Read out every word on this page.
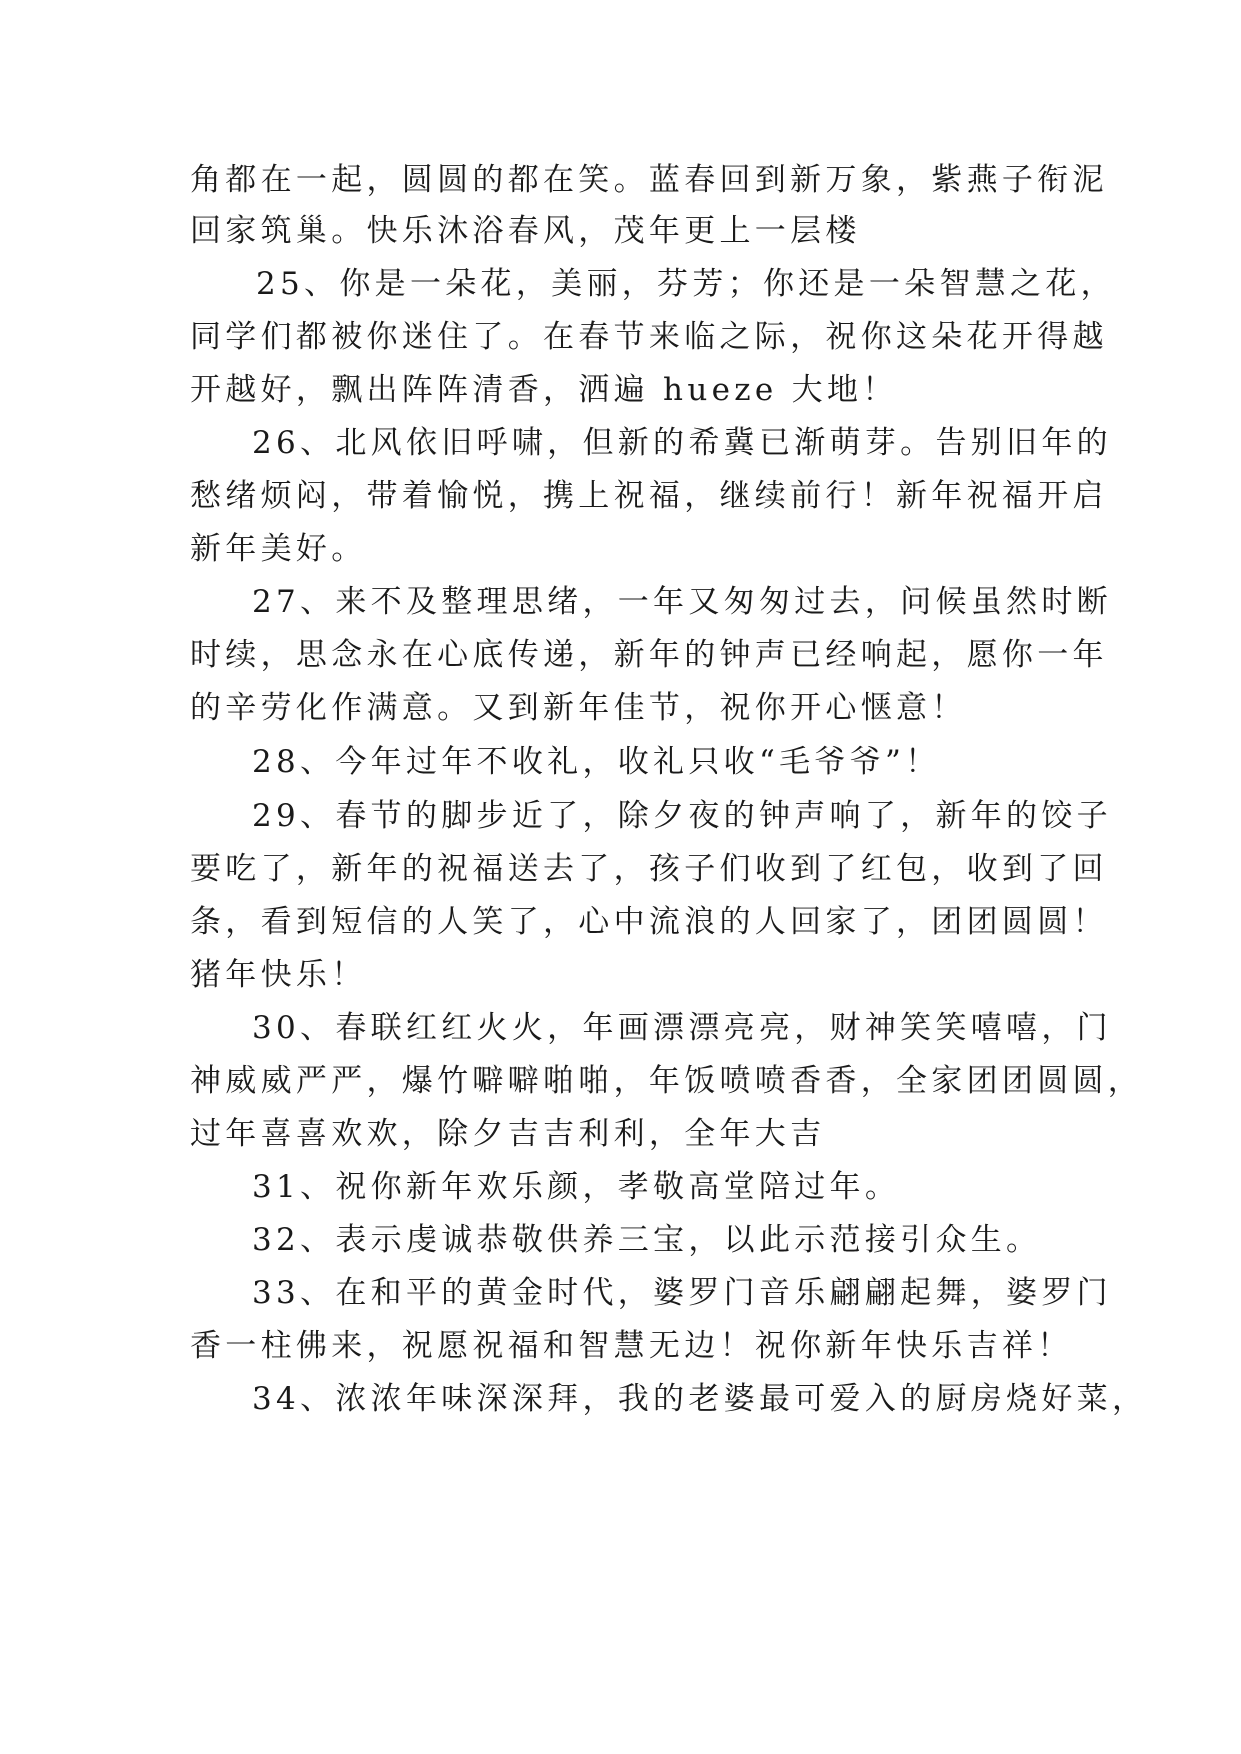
角都在一起，圆圆的都在笑。蓝春回到新万象，紫燕子衔泥
回家筑巢。快乐沐浴春风，茂年更上一层楼
25、你是一朵花，美丽，芬芳；你还是一朵智慧之花，
同学们都被你迷住了。在春节来临之际，祝你这朵花开得越
开越好，飘出阵阵清香，洒遍 hueze 大地！
26、北风依旧呼啸，但新的希冀已渐萌芽。告别旧年的
愁绪烦闷，带着愉悦，携上祝福，继续前行！新年祝福开启
新年美好。
27、来不及整理思绪，一年又匆匆过去，问候虽然时断
时续，思念永在心底传递，新年的钟声已经响起，愿你一年
的辛劳化作满意。又到新年佳节，祝你开心惬意！
28、今年过年不收礼，收礼只收“毛爷爷”！
29、春节的脚步近了，除夕夜的钟声响了，新年的饺子
要吃了，新年的祝福送去了，孩子们收到了红包，收到了回
条，看到短信的人笑了，心中流浪的人回家了，团团圆圆！
猪年快乐！
30、春联红红火火，年画漂漂亮亮，财神笑笑嘻嘻，门
神威威严严，爆竹噼噼啪啪，年饭喷喷香香，全家团团圆圆，
过年喜喜欢欢，除夕吉吉利利，全年大吉
31、祝你新年欢乐颜，孝敬高堂陪过年。
32、表示虔诚恭敬供养三宝，以此示范接引众生。
33、在和平的黄金时代，婆罗门音乐翩翩起舞，婆罗门
香一柱佛来，祝愿祝福和智慧无边！祝你新年快乐吉祥！
34、浓浓年味深深拜，我的老婆最可爱入的厨房烧好菜，
